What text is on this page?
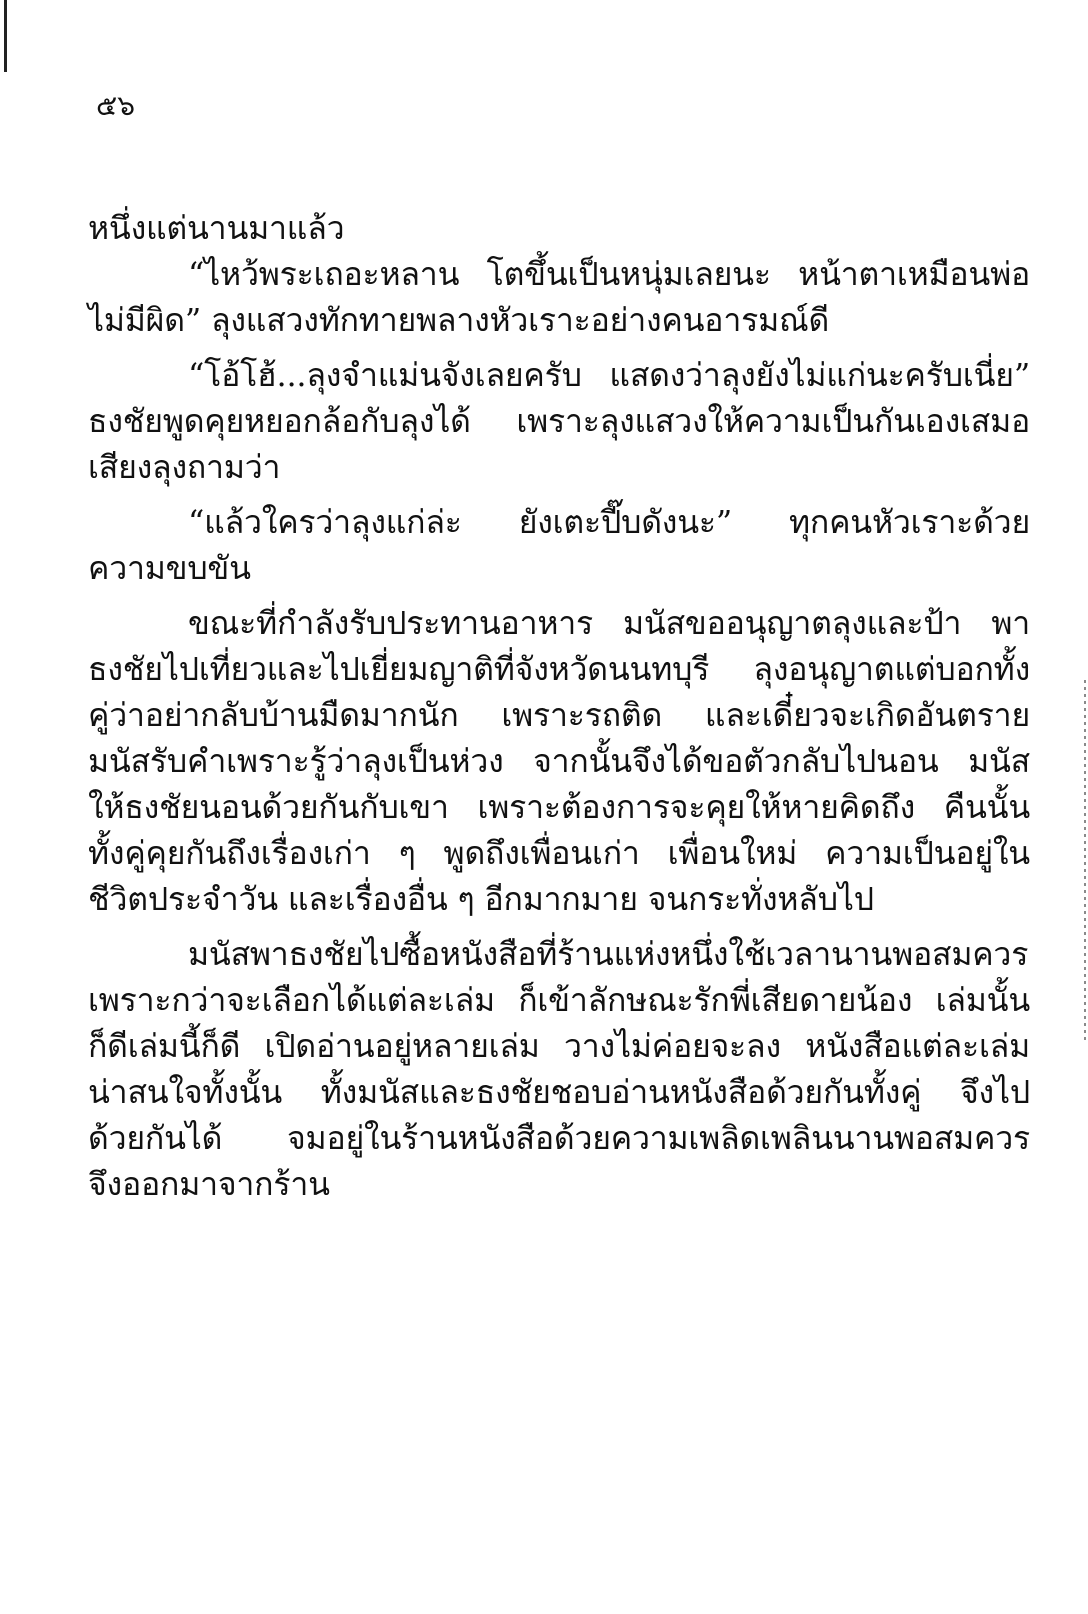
๕๖

หนึ่งแต่นานมาแล้ว

“ไหว้พระเถอะหลาน โตขึ้นเป็นหนุ่มเลยนะ หน้าตาเหมือนพ่อ
ไม่มีผิด” ลุงแสวงทักทายพลางหัวเราะอย่างคนอารมณ์ดี

“โอ้โฮ้...ลุงจำแม่นจังเลยครับ แสดงว่าลุงยังไม่แก่นะครับเนี่ย”
ธงชัยพูดคุยหยอกล้อกับลุงได้ เพราะลุงแสวงให้ความเป็นกันเองเสมอ
เสียงลุงถามว่า

“แล้วใครว่าลุงแก่ล่ะ ยังเตะปี๊บดังนะ” ทุกคนหัวเราะด้วย
ความขบขัน

ขณะที่กำลังรับประทานอาหาร มนัสขออนุญาตลุงและป้า พา
ธงชัยไปเที่ยวและไปเยี่ยมญาติที่จังหวัดนนทบุรี ลุงอนุญาตแต่บอกทั้ง
คู่ว่าอย่ากลับบ้านมืดมากนัก เพราะรถติด และเดี๋ยวจะเกิดอันตราย
มนัสรับคำเพราะรู้ว่าลุงเป็นห่วง จากนั้นจึงได้ขอตัวกลับไปนอน มนัส
ให้ธงชัยนอนด้วยกันกับเขา เพราะต้องการจะคุยให้หายคิดถึง คืนนั้น
ทั้งคู่คุยกันถึงเรื่องเก่า ๆ พูดถึงเพื่อนเก่า เพื่อนใหม่ ความเป็นอยู่ใน
ชีวิตประจำวัน และเรื่องอื่น ๆ อีกมากมาย จนกระทั่งหลับไป

มนัสพาธงชัยไปซื้อหนังสือที่ร้านแห่งหนึ่งใช้เวลานานพอสมควร
เพราะกว่าจะเลือกได้แต่ละเล่ม ก็เข้าลักษณะรักพี่เสียดายน้อง เล่มนั้น
ก็ดีเล่มนี้ก็ดี เปิดอ่านอยู่หลายเล่ม วางไม่ค่อยจะลง หนังสือแต่ละเล่ม
น่าสนใจทั้งนั้น ทั้งมนัสและธงชัยชอบอ่านหนังสือด้วยกันทั้งคู่ จึงไป
ด้วยกันได้ จมอยู่ในร้านหนังสือด้วยความเพลิดเพลินนานพอสมควร
จึงออกมาจากร้าน
